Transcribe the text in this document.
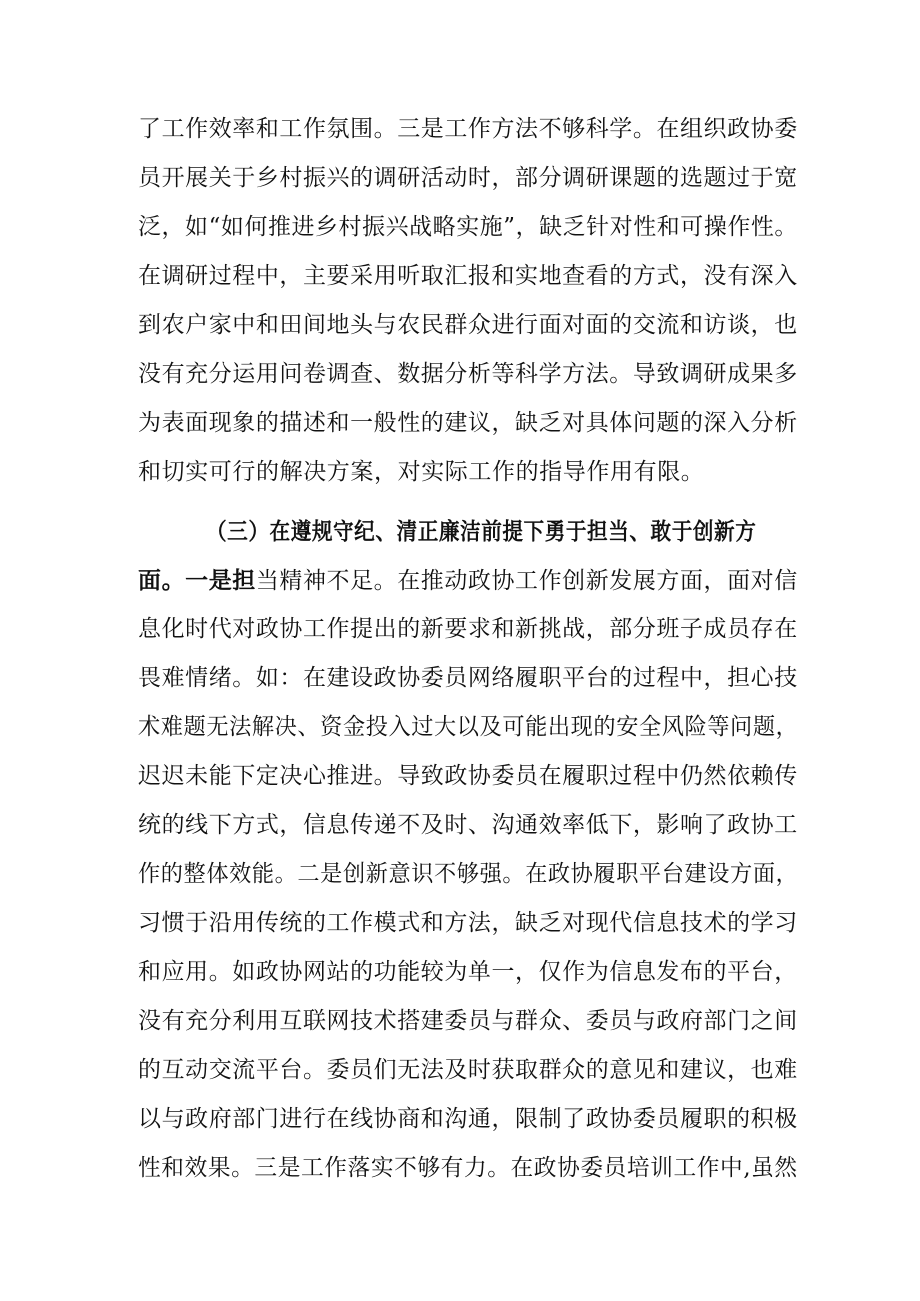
了工作效率和工作氛围。三是工作方法不够科学。在组织政协委
员开展关于乡村振兴的调研活动时，部分调研课题的选题过于宽
泛，如“如何推进乡村振兴战略实施”，缺乏针对性和可操作性。
在调研过程中，主要采用听取汇报和实地查看的方式，没有深入
到农户家中和田间地头与农民群众进行面对面的交流和访谈，也
没有充分运用问卷调查、数据分析等科学方法。导致调研成果多
为表面现象的描述和一般性的建议，缺乏对具体问题的深入分析
和切实可行的解决方案，对实际工作的指导作用有限。
（三）在遵规守纪、清正廉洁前提下勇于担当、敢于创新方
面。一是担当精神不足。在推动政协工作创新发展方面，面对信
息化时代对政协工作提出的新要求和新挑战，部分班子成员存在
畏难情绪。如：在建设政协委员网络履职平台的过程中，担心技
术难题无法解决、资金投入过大以及可能出现的安全风险等问题，
迟迟未能下定决心推进。导致政协委员在履职过程中仍然依赖传
统的线下方式，信息传递不及时、沟通效率低下，影响了政协工
作的整体效能。二是创新意识不够强。在政协履职平台建设方面，
习惯于沿用传统的工作模式和方法，缺乏对现代信息技术的学习
和应用。如政协网站的功能较为单一，仅作为信息发布的平台，
没有充分利用互联网技术搭建委员与群众、委员与政府部门之间
的互动交流平台。委员们无法及时获取群众的意见和建议，也难
以与政府部门进行在线协商和沟通，限制了政协委员履职的积极
性和效果。三是工作落实不够有力。在政协委员培训工作中,虽然
